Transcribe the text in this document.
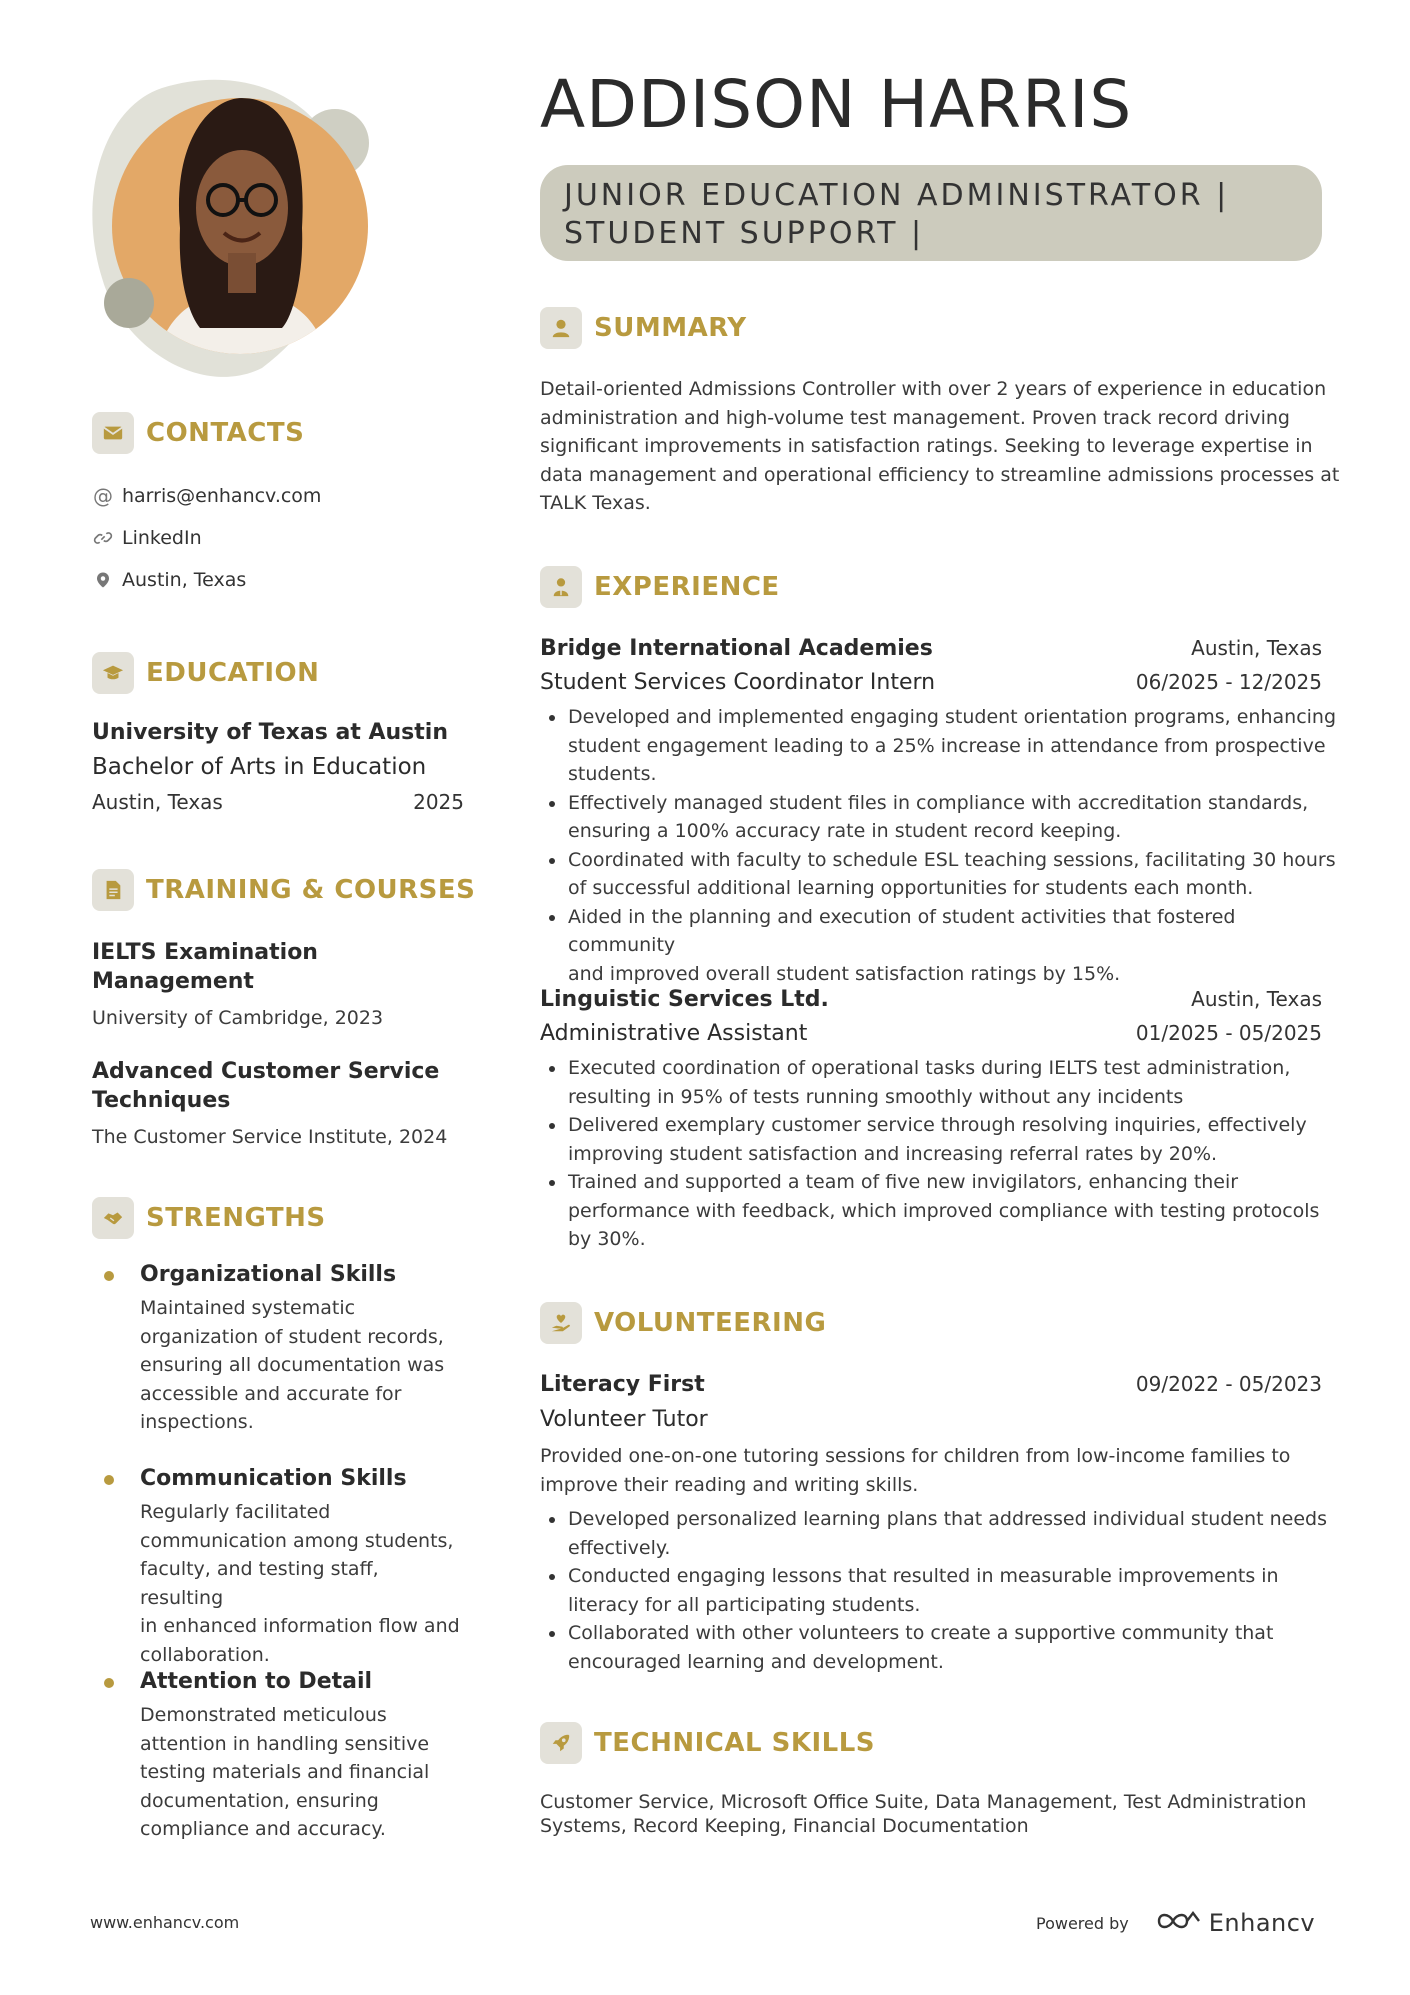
ADDISON HARRIS
JUNIOR EDUCATION ADMINISTRATOR |
STUDENT SUPPORT |
CONTACTS
@ harris@enhancv.com
LinkedIn
Austin, Texas
EDUCATION
University of Texas at Austin
Bachelor of Arts in Education
Austin, Texas	2025
TRAINING & COURSES
IELTS Examination
Management
University of Cambridge, 2023
Advanced Customer Service
Techniques
The Customer Service Institute, 2024
STRENGTHS
Organizational Skills
Maintained systematic
organization of student records,
ensuring all documentation was
accessible and accurate for
inspections.
Communication Skills
Regularly facilitated
communication among students,
faculty, and testing staff, resulting
in enhanced information flow and
collaboration.
Attention to Detail
Demonstrated meticulous
attention in handling sensitive
testing materials and financial
documentation, ensuring
compliance and accuracy.
SUMMARY
Detail-oriented Admissions Controller with over 2 years of experience in education
administration and high-volume test management. Proven track record driving
significant improvements in satisfaction ratings. Seeking to leverage expertise in
data management and operational efficiency to streamline admissions processes at
TALK Texas.
EXPERIENCE
Bridge International Academies	Austin, Texas
Student Services Coordinator Intern	06/2025 - 12/2025
Developed and implemented engaging student orientation programs, enhancing
student engagement leading to a 25% increase in attendance from prospective
students.
Effectively managed student files in compliance with accreditation standards,
ensuring a 100% accuracy rate in student record keeping.
Coordinated with faculty to schedule ESL teaching sessions, facilitating 30 hours
of successful additional learning opportunities for students each month.
Aided in the planning and execution of student activities that fostered community
and improved overall student satisfaction ratings by 15%.
Linguistic Services Ltd.	Austin, Texas
Administrative Assistant	01/2025 - 05/2025
Executed coordination of operational tasks during IELTS test administration,
resulting in 95% of tests running smoothly without any incidents
Delivered exemplary customer service through resolving inquiries, effectively
improving student satisfaction and increasing referral rates by 20%.
Trained and supported a team of five new invigilators, enhancing their
performance with feedback, which improved compliance with testing protocols
by 30%.
VOLUNTEERING
Literacy First	09/2022 - 05/2023
Volunteer Tutor
Provided one-on-one tutoring sessions for children from low-income families to
improve their reading and writing skills.
Developed personalized learning plans that addressed individual student needs
effectively.
Conducted engaging lessons that resulted in measurable improvements in
literacy for all participating students.
Collaborated with other volunteers to create a supportive community that
encouraged learning and development.
TECHNICAL SKILLS
Customer Service, Microsoft Office Suite, Data Management, Test Administration
Systems, Record Keeping, Financial Documentation
www.enhancv.com	Powered by	Enhancv
